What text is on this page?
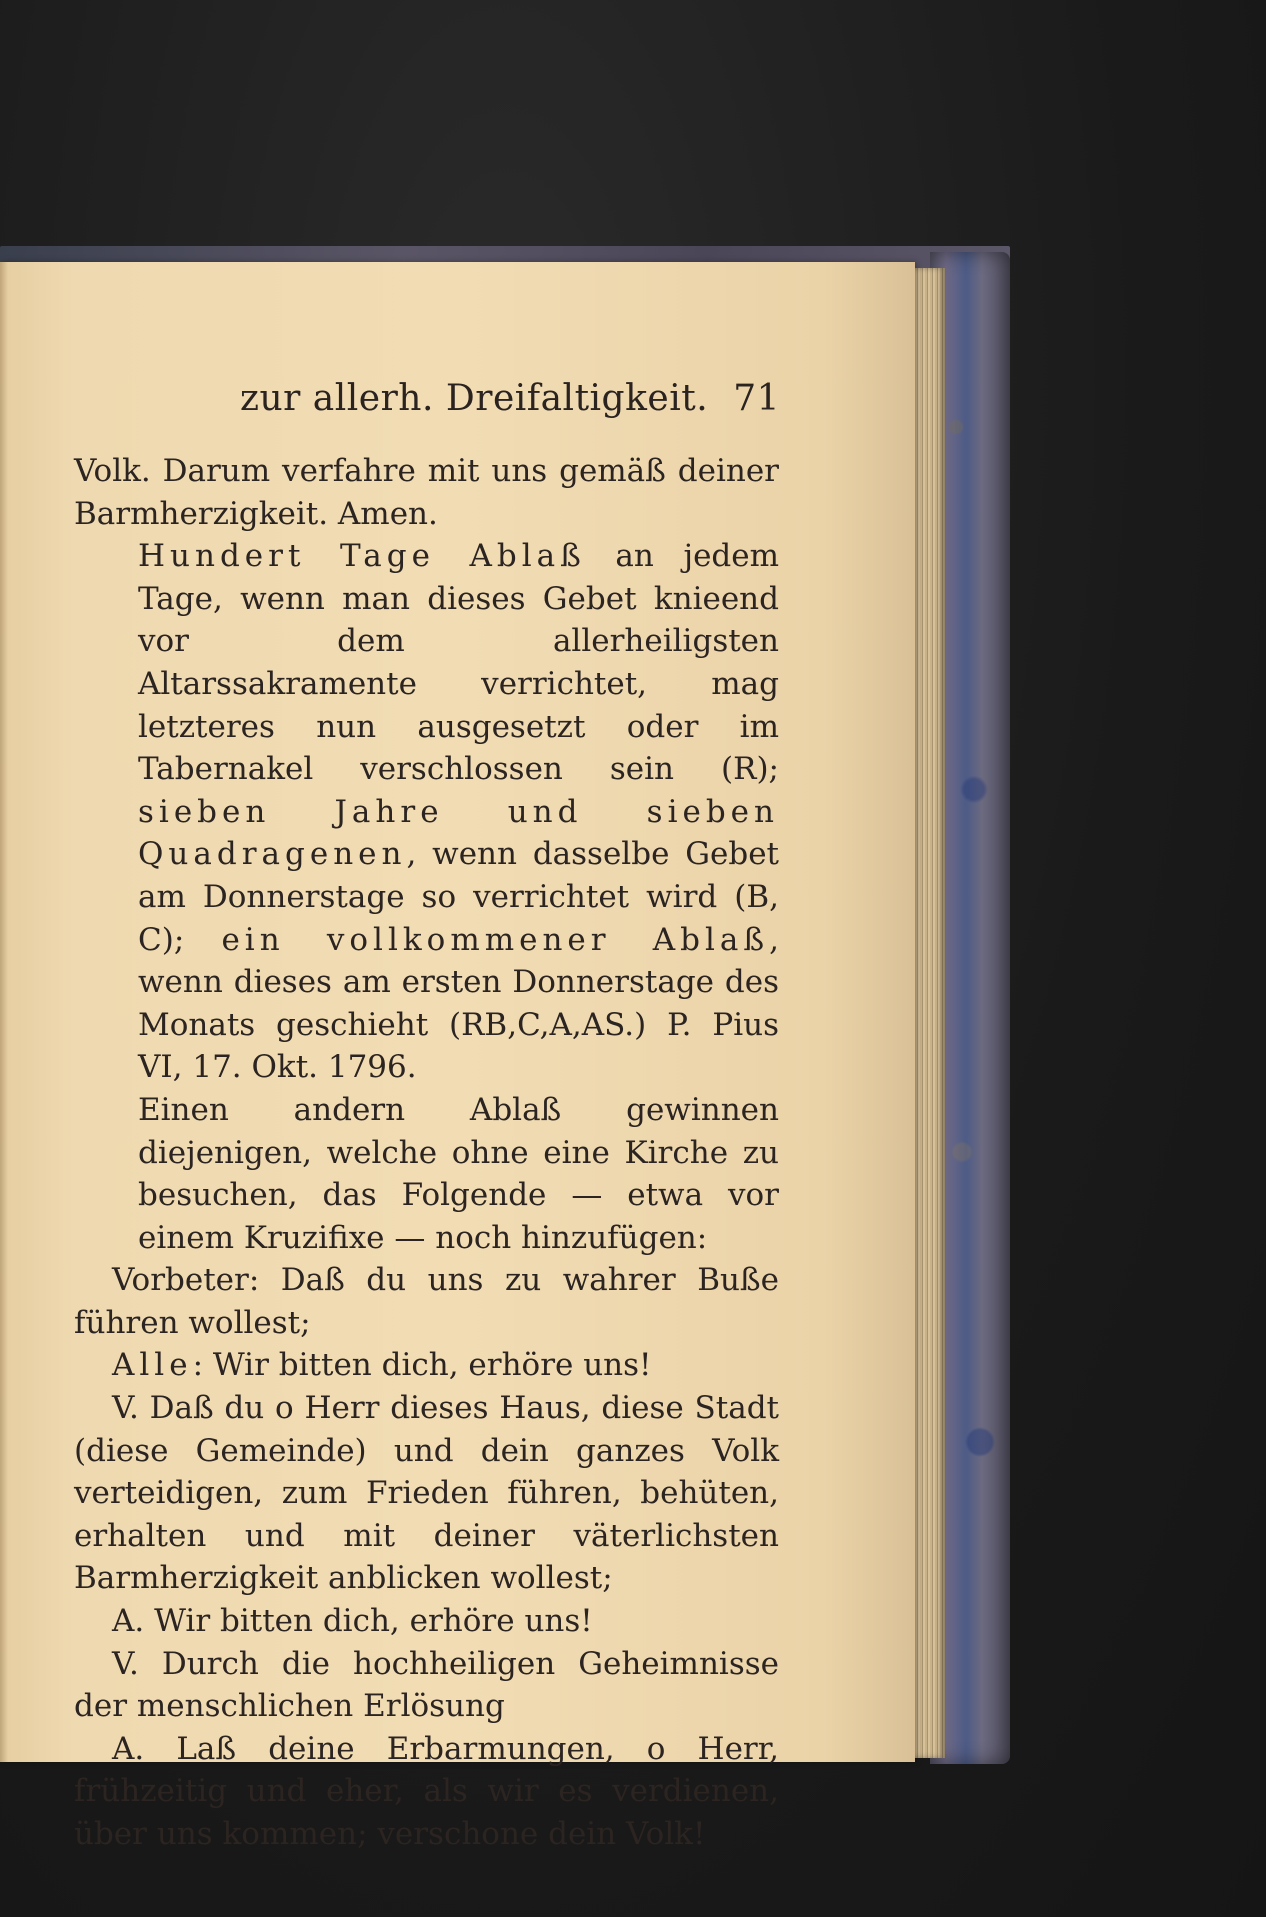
zur allerh. Dreifaltigkeit. 71

Volk. Darum verfahre mit uns gemäß deiner Barmherzigkeit. Amen.

Hundert Tage Ablaß an jedem Tage, wenn man dieses Gebet knieend vor dem allerheiligsten Altarssakramente verrichtet, mag letzteres nun ausgesetzt oder im Tabernakel verschlossen sein (R); sieben Jahre und sieben Quadragenen, wenn dasselbe Gebet am Donnerstage so verrichtet wird (B, C); ein vollkommener Ablaß, wenn dieses am ersten Donnerstage des Monats geschieht (RB,C,A,AS.) P. Pius VI, 17. Okt. 1796.

Einen andern Ablaß gewinnen diejenigen, welche ohne eine Kirche zu besuchen, das Folgende — etwa vor einem Kruzifixe — noch hinzufügen:

Vorbeter: Daß du uns zu wahrer Buße führen wollest;

Alle: Wir bitten dich, erhöre uns!

V. Daß du o Herr dieses Haus, diese Stadt (diese Gemeinde) und dein ganzes Volk verteidigen, zum Frieden führen, behüten, erhalten und mit deiner väterlichsten Barmherzigkeit anblicken wollest;

A. Wir bitten dich, erhöre uns!

V. Durch die hochheiligen Geheimnisse der menschlichen Erlösung

A. Laß deine Erbarmungen, o Herr, frühzeitig und eher, als wir es verdienen, über uns kommen; verschone dein Volk!
